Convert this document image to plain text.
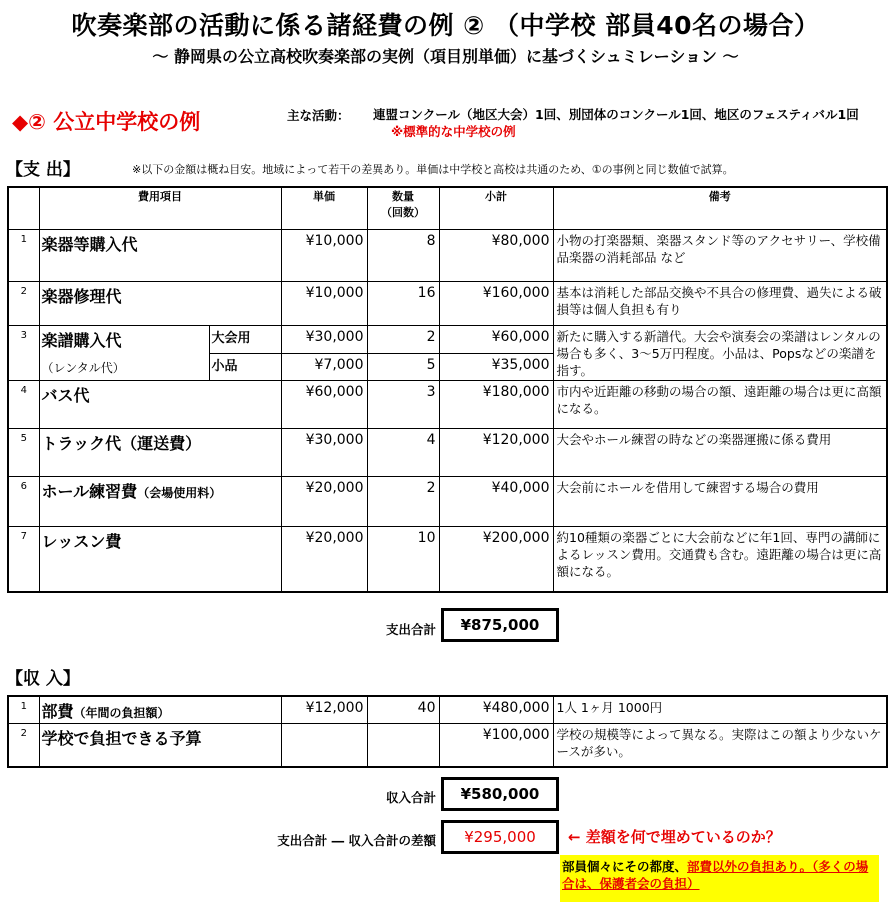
吹奏楽部の活動に係る諸経費の例 ② （中学校 部員40名の場合）
～ 静岡県の公立高校吹奏楽部の実例（項目別単価）に基づくシュミレーション ～
◆② 公立中学校の例	主な活動： 連盟コンクール（地区大会）1回、別団体のコンクール1回、地区のフェスティバル1回※標準的な中学校の例
【支 出】	※以下の金額は概ね目安。地域によって若干の差異あり。単価は中学校と高校は共通のため、①の事例と同じ数値で試算。
	費用項目		単価	数量
（回数）	小計	備考
1	楽器等購入代		¥10,000	8	¥80,000	小物の打楽器類、楽器スタンド等のアクセサリー、学校備品楽器の消耗部品 など
2	楽器修理代		¥10,000	16	¥160,000	基本は消耗した部品交換や不具合の修理費、過失による破損等は個人負担も有り
3	楽譜購入代
（レンタル代）	大会用	¥30,000	2	¥60,000	新たに購入する新譜代。大会や演奏会の楽譜はレンタルの場合も多く、3～5万円程度。小品は、Popsなどの楽譜を指す。
		小品	¥7,000	5	¥35,000	
4	バス代		¥60,000	3	¥180,000	市内や近距離の移動の場合の額、遠距離の場合は更に高額になる。
5	トラック代（運送費）		¥30,000	4	¥120,000	大会やホール練習の時などの楽器運搬に係る費用
6	ホール練習費（会場使用料）		¥20,000	2	¥40,000	大会前にホールを借用して練習する場合の費用
7	レッスン費		¥20,000	10	¥200,000	約10種類の楽器ごとに大会前などに年1回、専門の講師によるレッスン費用。交通費も含む。遠距離の場合は更に高額になる。
支出合計	¥875,000
【収 入】
1	部費（年間の負担額）	¥12,000	40	¥480,000	1人 1ヶ月 1000円
2	学校で負担できる予算			¥100,000	学校の規模等によって異なる。実際はこの額より少ないケースが多い。
収入合計	¥580,000
支出合計 ― 収入合計の差額	¥295,000	← 差額を何で埋めているのか？
部員個々にその都度、部費以外の負担あり。（多くの場合は、保護者会の負担）
